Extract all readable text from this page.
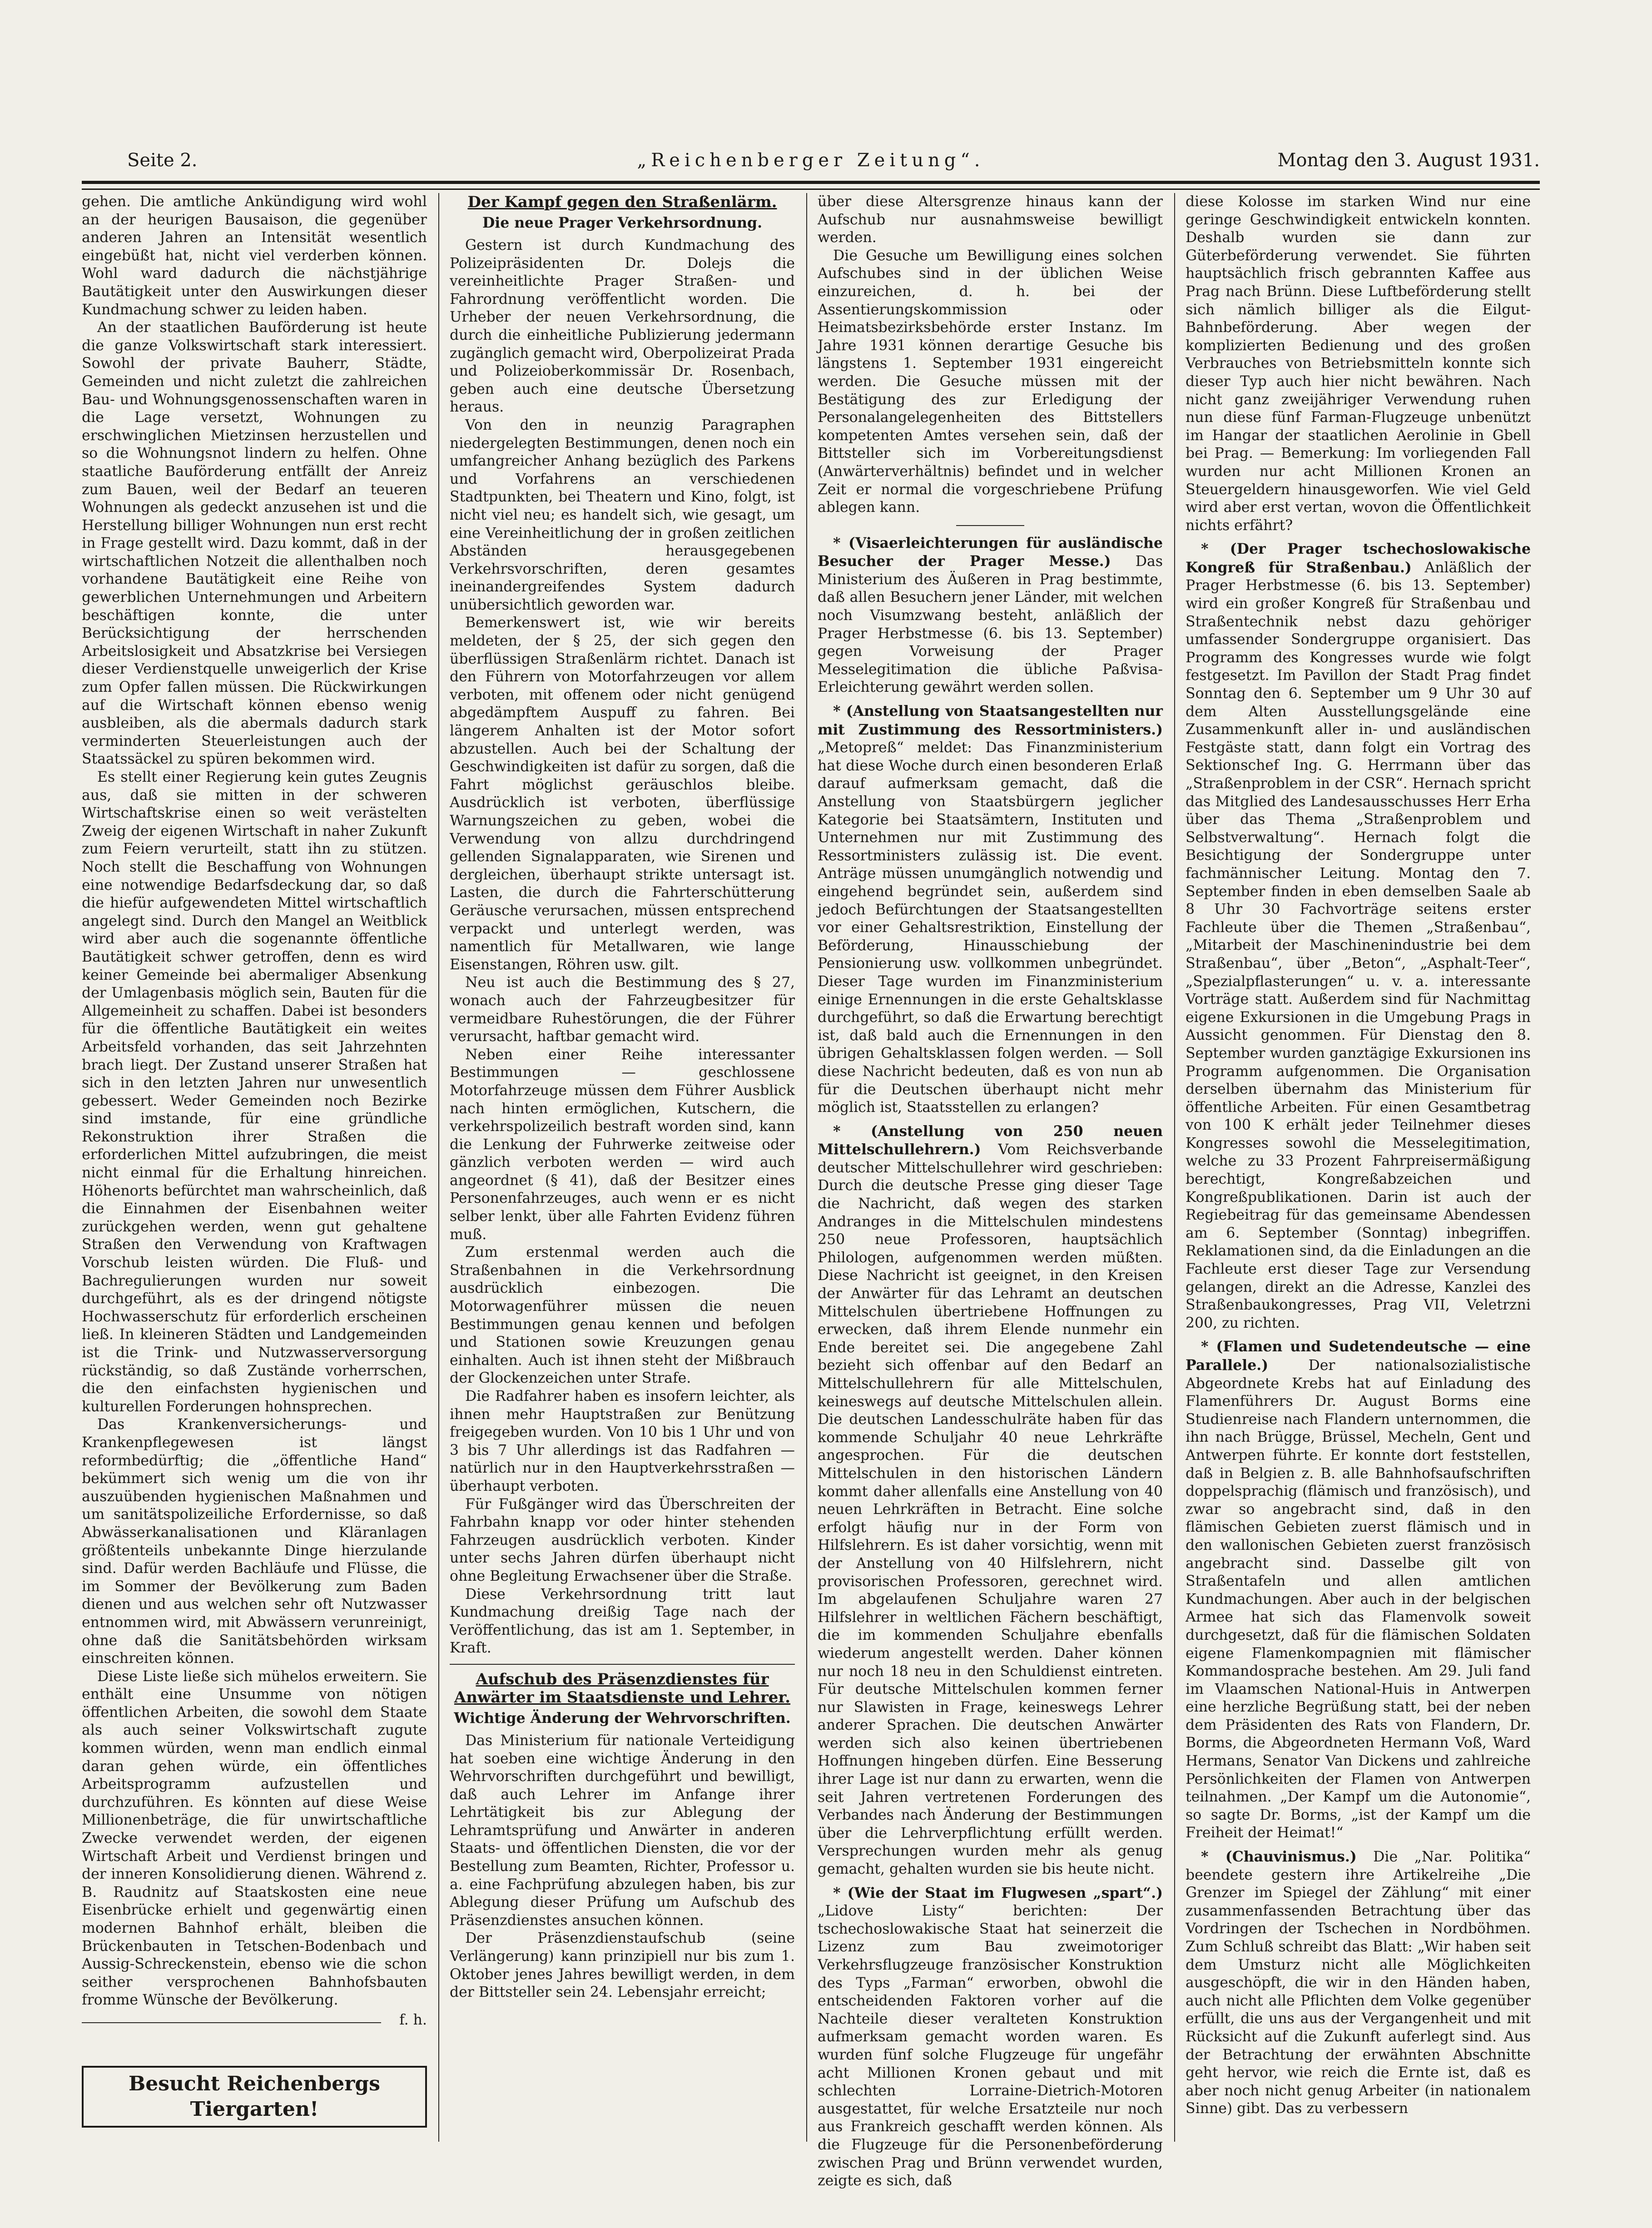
Seite 2.	„Reichenberger Zeitung“.	Montag den 3. August 1931.

gehen. Die amtliche Ankündigung wird wohl an der heurigen Bausaison, die gegenüber anderen Jahren an Intensität wesentlich eingebüßt hat, nicht viel verderben können. Wohl ward dadurch die nächstjährige Bautätigkeit unter den Auswirkungen dieser Kundmachung schwer zu leiden haben.

An der staatlichen Bauförderung ist heute die ganze Volkswirtschaft stark interessiert. Sowohl der private Bauherr, Städte, Gemeinden und nicht zuletzt die zahlreichen Bau- und Wohnungsgenossenschaften waren in die Lage versetzt, Wohnungen zu erschwinglichen Mietzinsen herzustellen und so die Wohnungsnot lindern zu helfen. Ohne staatliche Bauförderung entfällt der Anreiz zum Bauen, weil der Bedarf an teueren Wohnungen als gedeckt anzusehen ist und die Herstellung billiger Wohnungen nun erst recht in Frage gestellt wird. Dazu kommt, daß in der wirtschaftlichen Notzeit die allenthalben noch vorhandene Bautätigkeit eine Reihe von gewerblichen Unternehmungen und Arbeitern beschäftigen konnte, die unter Berücksichtigung der herrschenden Arbeitslosigkeit und Absatzkrise bei Versiegen dieser Verdienstquelle unweigerlich der Krise zum Opfer fallen müssen. Die Rückwirkungen auf die Wirtschaft können ebenso wenig ausbleiben, als die abermals dadurch stark verminderten Steuerleistungen auch der Staatssäckel zu spüren bekommen wird.

Es stellt einer Regierung kein gutes Zeugnis aus, daß sie mitten in der schweren Wirtschaftskrise einen so weit verästelten Zweig der eigenen Wirtschaft in naher Zukunft zum Feiern verurteilt, statt ihn zu stützen. Noch stellt die Beschaffung von Wohnungen eine notwendige Bedarfsdeckung dar, so daß die hiefür aufgewendeten Mittel wirtschaftlich angelegt sind. Durch den Mangel an Weitblick wird aber auch die sogenannte öffentliche Bautätigkeit schwer getroffen, denn es wird keiner Gemeinde bei abermaliger Absenkung der Umlagenbasis möglich sein, Bauten für die Allgemeinheit zu schaffen. Dabei ist besonders für die öffentliche Bautätigkeit ein weites Arbeitsfeld vorhanden, das seit Jahrzehnten brach liegt. Der Zustand unserer Straßen hat sich in den letzten Jahren nur unwesentlich gebessert. Weder Gemeinden noch Bezirke sind imstande, für eine gründliche Rekonstruktion ihrer Straßen die erforderlichen Mittel aufzubringen, die meist nicht einmal für die Erhaltung hinreichen. Höhenorts befürchtet man wahrscheinlich, daß die Einnahmen der Eisenbahnen weiter zurückgehen werden, wenn gut gehaltene Straßen den Verwendung von Kraftwagen Vorschub leisten würden. Die Fluß- und Bachregulierungen wurden nur soweit durchgeführt, als es der dringend nötigste Hochwasserschutz für erforderlich erscheinen ließ. In kleineren Städten und Landgemeinden ist die Trink- und Nutzwasserversorgung rückständig, so daß Zustände vorherrschen, die den einfachsten hygienischen und kulturellen Forderungen hohnsprechen.

Das Krankenversicherungs- und Krankenpflegewesen ist längst reformbedürftig; die „öffentliche Hand“ bekümmert sich wenig um die von ihr auszuübenden hygienischen Maßnahmen und um sanitätspolizeiliche Erfordernisse, so daß Abwässerkanalisationen und Kläranlagen größtenteils unbekannte Dinge hierzulande sind. Dafür werden Bachläufe und Flüsse, die im Sommer der Bevölkerung zum Baden dienen und aus welchen sehr oft Nutzwasser entnommen wird, mit Abwässern verunreinigt, ohne daß die Sanitätsbehörden wirksam einschreiten können.

Diese Liste ließe sich mühelos erweitern. Sie enthält eine Unsumme von nötigen öffentlichen Arbeiten, die sowohl dem Staate als auch seiner Volkswirtschaft zugute kommen würden, wenn man endlich einmal daran gehen würde, ein öffentliches Arbeitsprogramm aufzustellen und durchzuführen. Es könnten auf diese Weise Millionenbeträge, die für unwirtschaftliche Zwecke verwendet werden, der eigenen Wirtschaft Arbeit und Verdienst bringen und der inneren Konsolidierung dienen. Während z. B. Raudnitz auf Staatskosten eine neue Eisenbrücke erhielt und gegenwärtig einen modernen Bahnhof erhält, bleiben die Brückenbauten in Tetschen-Bodenbach und Aussig-Schreckenstein, ebenso wie die schon seither versprochenen Bahnhofsbauten fromme Wünsche der Bevölkerung.

f. h.
Besucht Reichenbergs Tiergarten!
Der Kampf gegen den Straßenlärm.
Die neue Prager Verkehrsordnung.

Gestern ist durch Kundmachung des Polizeipräsidenten Dr. Dolejs die vereinheitlichte Prager Straßen- und Fahrordnung veröffentlicht worden. Die Urheber der neuen Verkehrsordnung, die durch die einheitliche Publizierung jedermann zugänglich gemacht wird, Oberpolizeirat Prada und Polizeioberkommissär Dr. Rosenbach, geben auch eine deutsche Übersetzung heraus.

Von den in neunzig Paragraphen niedergelegten Bestimmungen, denen noch ein umfangreicher Anhang bezüglich des Parkens und Vorfahrens an verschiedenen Stadtpunkten, bei Theatern und Kino, folgt, ist nicht viel neu; es handelt sich, wie gesagt, um eine Vereinheitlichung der in großen zeitlichen Abständen herausgegebenen Verkehrsvorschriften, deren gesamtes ineinandergreifendes System dadurch unübersichtlich geworden war.

Bemerkenswert ist, wie wir bereits meldeten, der § 25, der sich gegen den überflüssigen Straßenlärm richtet. Danach ist den Führern von Motorfahrzeugen vor allem verboten, mit offenem oder nicht genügend abgedämpftem Auspuff zu fahren. Bei längerem Anhalten ist der Motor sofort abzustellen. Auch bei der Schaltung der Geschwindigkeiten ist dafür zu sorgen, daß die Fahrt möglichst geräuschlos bleibe. Ausdrücklich ist verboten, überflüssige Warnungszeichen zu geben, wobei die Verwendung von allzu durchdringend gellenden Signalapparaten, wie Sirenen und dergleichen, überhaupt strikte untersagt ist. Lasten, die durch die Fahrterschütterung Geräusche verursachen, müssen entsprechend verpackt und unterlegt werden, was namentlich für Metallwaren, wie lange Eisenstangen, Röhren usw. gilt.

Neu ist auch die Bestimmung des § 27, wonach auch der Fahrzeugbesitzer für vermeidbare Ruhestörungen, die der Führer verursacht, haftbar gemacht wird.

Neben einer Reihe interessanter Bestimmungen — geschlossene Motorfahrzeuge müssen dem Führer Ausblick nach hinten ermöglichen, Kutschern, die verkehrspolizeilich bestraft worden sind, kann die Lenkung der Fuhrwerke zeitweise oder gänzlich verboten werden — wird auch angeordnet (§ 41), daß der Besitzer eines Personenfahrzeuges, auch wenn er es nicht selber lenkt, über alle Fahrten Evidenz führen muß.

Zum erstenmal werden auch die Straßenbahnen in die Verkehrsordnung ausdrücklich einbezogen. Die Motorwagenführer müssen die neuen Bestimmungen genau kennen und befolgen und Stationen sowie Kreuzungen genau einhalten. Auch ist ihnen steht der Mißbrauch der Glockenzeichen unter Strafe.

Die Radfahrer haben es insofern leichter, als ihnen mehr Hauptstraßen zur Benützung freigegeben wurden. Von 10 bis 1 Uhr und von 3 bis 7 Uhr allerdings ist das Radfahren — natürlich nur in den Hauptverkehrsstraßen — überhaupt verboten.

Für Fußgänger wird das Überschreiten der Fahrbahn knapp vor oder hinter stehenden Fahrzeugen ausdrücklich verboten. Kinder unter sechs Jahren dürfen überhaupt nicht ohne Begleitung Erwachsener über die Straße.

Diese Verkehrsordnung tritt laut Kundmachung dreißig Tage nach der Veröffentlichung, das ist am 1. September, in Kraft.

Aufschub des Präsenzdienstes für Anwärter im Staatsdienste und Lehrer.
Wichtige Änderung der Wehrvorschriften.

Das Ministerium für nationale Verteidigung hat soeben eine wichtige Änderung in den Wehrvorschriften durchgeführt und bewilligt, daß auch Lehrer im Anfange ihrer Lehrtätigkeit bis zur Ablegung der Lehramtsprüfung und Anwärter in anderen Staats- und öffentlichen Diensten, die vor der Bestellung zum Beamten, Richter, Professor u. a. eine Fachprüfung abzulegen haben, bis zur Ablegung dieser Prüfung um Aufschub des Präsenzdienstes ansuchen können.

Der Präsenzdienstaufschub (seine Verlängerung) kann prinzipiell nur bis zum 1. Oktober jenes Jahres bewilligt werden, in dem der Bittsteller sein 24. Lebensjahr erreicht;

über diese Altersgrenze hinaus kann der Aufschub nur ausnahmsweise bewilligt werden.

Die Gesuche um Bewilligung eines solchen Aufschubes sind in der üblichen Weise einzureichen, d. h. bei der Assentierungskommission oder Heimatsbezirksbehörde erster Instanz. Im Jahre 1931 können derartige Gesuche bis längstens 1. September 1931 eingereicht werden. Die Gesuche müssen mit der Bestätigung des zur Erledigung der Personalangelegenheiten des Bittstellers kompetenten Amtes versehen sein, daß der Bittsteller sich im Vorbereitungsdienst (Anwärterverhältnis) befindet und in welcher Zeit er normal die vorgeschriebene Prüfung ablegen kann.

* (Visaerleichterungen für ausländische Besucher der Prager Messe.) Das Ministerium des Äußeren in Prag bestimmte, daß allen Besuchern jener Länder, mit welchen noch Visumzwang besteht, anläßlich der Prager Herbstmesse (6. bis 13. September) gegen Vorweisung der Prager Messelegitimation die übliche Paßvisa-Erleichterung gewährt werden sollen.

* (Anstellung von Staatsangestellten nur mit Zustimmung des Ressortministers.) „Metopreß“ meldet: Das Finanzministerium hat diese Woche durch einen besonderen Erlaß darauf aufmerksam gemacht, daß die Anstellung von Staatsbürgern jeglicher Kategorie bei Staatsämtern, Instituten und Unternehmen nur mit Zustimmung des Ressortministers zulässig ist. Die event. Anträge müssen unumgänglich notwendig und eingehend begründet sein, außerdem sind jedoch Befürchtungen der Staatsangestellten vor einer Gehaltsrestriktion, Einstellung der Beförderung, Hinausschiebung der Pensionierung usw. vollkommen unbegründet. Dieser Tage wurden im Finanzministerium einige Ernennungen in die erste Gehaltsklasse durchgeführt, so daß die Erwartung berechtigt ist, daß bald auch die Ernennungen in den übrigen Gehaltsklassen folgen werden. — Soll diese Nachricht bedeuten, daß es von nun ab für die Deutschen überhaupt nicht mehr möglich ist, Staatsstellen zu erlangen?

* (Anstellung von 250 neuen Mittelschullehrern.) Vom Reichsverbande deutscher Mittelschullehrer wird geschrieben: Durch die deutsche Presse ging dieser Tage die Nachricht, daß wegen des starken Andranges in die Mittelschulen mindestens 250 neue Professoren, hauptsächlich Philologen, aufgenommen werden müßten. Diese Nachricht ist geeignet, in den Kreisen der Anwärter für das Lehramt an deutschen Mittelschulen übertriebene Hoffnungen zu erwecken, daß ihrem Elende nunmehr ein Ende bereitet sei. Die angegebene Zahl bezieht sich offenbar auf den Bedarf an Mittelschullehrern für alle Mittelschulen, keineswegs auf deutsche Mittelschulen allein. Die deutschen Landesschulräte haben für das kommende Schuljahr 40 neue Lehrkräfte angesprochen. Für die deutschen Mittelschulen in den historischen Ländern kommt daher allenfalls eine Anstellung von 40 neuen Lehrkräften in Betracht. Eine solche erfolgt häufig nur in der Form von Hilfslehrern. Es ist daher vorsichtig, wenn mit der Anstellung von 40 Hilfslehrern, nicht provisorischen Professoren, gerechnet wird. Im abgelaufenen Schuljahre waren 27 Hilfslehrer in weltlichen Fächern beschäftigt, die im kommenden Schuljahre ebenfalls wiederum angestellt werden. Daher können nur noch 18 neu in den Schuldienst eintreten. Für deutsche Mittelschulen kommen ferner nur Slawisten in Frage, keineswegs Lehrer anderer Sprachen. Die deutschen Anwärter werden sich also keinen übertriebenen Hoffnungen hingeben dürfen. Eine Besserung ihrer Lage ist nur dann zu erwarten, wenn die seit Jahren vertretenen Forderungen des Verbandes nach Änderung der Bestimmungen über die Lehrverpflichtung erfüllt werden. Versprechungen wurden mehr als genug gemacht, gehalten wurden sie bis heute nicht.

* (Wie der Staat im Flugwesen „spart“.) „Lidove Listy“ berichten: Der tschechoslowakische Staat hat seinerzeit die Lizenz zum Bau zweimotoriger Verkehrsflugzeuge französischer Konstruktion des Typs „Farman“ erworben, obwohl die entscheidenden Faktoren vorher auf die Nachteile dieser veralteten Konstruktion aufmerksam gemacht worden waren. Es wurden fünf solche Flugzeuge für ungefähr acht Millionen Kronen gebaut und mit schlechten Lorraine-Dietrich-Motoren ausgestattet, für welche Ersatzteile nur noch aus Frankreich geschafft werden können. Als die Flugzeuge für die Personenbeförderung zwischen Prag und Brünn verwendet wurden, zeigte es sich, daß

diese Kolosse im starken Wind nur eine geringe Geschwindigkeit entwickeln konnten. Deshalb wurden sie dann zur Güterbeförderung verwendet. Sie führten hauptsächlich frisch gebrannten Kaffee aus Prag nach Brünn. Diese Luftbeförderung stellt sich nämlich billiger als die Eilgut-Bahnbeförderung. Aber wegen der komplizierten Bedienung und des großen Verbrauches von Betriebsmitteln konnte sich dieser Typ auch hier nicht bewähren. Nach nicht ganz zweijähriger Verwendung ruhen nun diese fünf Farman-Flugzeuge unbenützt im Hangar der staatlichen Aerolinie in Gbell bei Prag. — Bemerkung: Im vorliegenden Fall wurden nur acht Millionen Kronen an Steuergeldern hinausgeworfen. Wie viel Geld wird aber erst vertan, wovon die Öffentlichkeit nichts erfährt?

* (Der Prager tschechoslowakische Kongreß für Straßenbau.) Anläßlich der Prager Herbstmesse (6. bis 13. September) wird ein großer Kongreß für Straßenbau und Straßentechnik nebst dazu gehöriger umfassender Sondergruppe organisiert. Das Programm des Kongresses wurde wie folgt festgesetzt. Im Pavillon der Stadt Prag findet Sonntag den 6. September um 9 Uhr 30 auf dem Alten Ausstellungsgelände eine Zusammenkunft aller in- und ausländischen Festgäste statt, dann folgt ein Vortrag des Sektionschef Ing. G. Herrmann über das „Straßenproblem in der CSR“. Hernach spricht das Mitglied des Landesausschusses Herr Erha über das Thema „Straßenproblem und Selbstverwaltung“. Hernach folgt die Besichtigung der Sondergruppe unter fachmännischer Leitung. Montag den 7. September finden in eben demselben Saale ab 8 Uhr 30 Fachvorträge seitens erster Fachleute über die Themen „Straßenbau“, „Mitarbeit der Maschinenindustrie bei dem Straßenbau“, über „Beton“, „Asphalt-Teer“, „Spezialpflasterungen“ u. v. a. interessante Vorträge statt. Außerdem sind für Nachmittag eigene Exkursionen in die Umgebung Prags in Aussicht genommen. Für Dienstag den 8. September wurden ganztägige Exkursionen ins Programm aufgenommen. Die Organisation derselben übernahm das Ministerium für öffentliche Arbeiten. Für einen Gesamtbetrag von 100 K erhält jeder Teilnehmer dieses Kongresses sowohl die Messelegitimation, welche zu 33 Prozent Fahrpreisermäßigung berechtigt, Kongreßabzeichen und Kongreßpublikationen. Darin ist auch der Regiebeitrag für das gemeinsame Abendessen am 6. September (Sonntag) inbegriffen. Reklamationen sind, da die Einladungen an die Fachleute erst dieser Tage zur Versendung gelangen, direkt an die Adresse, Kanzlei des Straßenbaukongresses, Prag VII, Veletrzni 200, zu richten.

* (Flamen und Sudetendeutsche — eine Parallele.)	Der nationalsozialistische Abgeordnete Krebs hat auf Einladung des Flamenführers Dr. August Borms eine Studienreise nach Flandern unternommen, die ihn nach Brügge, Brüssel, Mecheln, Gent und Antwerpen führte. Er konnte dort feststellen, daß in Belgien z. B. alle Bahnhofsaufschriften doppelsprachig (flämisch und französisch), und zwar so angebracht sind, daß in den flämischen Gebieten zuerst flämisch und in den wallonischen Gebieten zuerst französisch angebracht sind. Dasselbe gilt von Straßentafeln und allen amtlichen Kundmachungen. Aber auch in der belgischen Armee hat sich das Flamenvolk soweit durchgesetzt, daß für die flämischen Soldaten eigene Flamenkompagnien mit flämischer Kommandosprache bestehen. Am 29. Juli fand im Vlaamschen National-Huis in Antwerpen eine herzliche Begrüßung statt, bei der neben dem Präsidenten des Rats von Flandern, Dr. Borms, die Abgeordneten Hermann Voß, Ward Hermans, Senator Van Dickens und zahlreiche Persönlichkeiten der Flamen von Antwerpen teilnahmen. „Der Kampf um die Autonomie“, so sagte Dr. Borms, „ist der Kampf um die Freiheit der Heimat!“

* (Chauvinismus.) Die „Nar. Politika“ beendete gestern ihre Artikelreihe „Die Grenzer im Spiegel der Zählung“ mit einer zusammenfassenden Betrachtung über das Vordringen der Tschechen in Nordböhmen. Zum Schluß schreibt das Blatt: „Wir haben seit dem Umsturz nicht alle Möglichkeiten ausgeschöpft, die wir in den Händen haben, auch nicht alle Pflichten dem Volke gegenüber erfüllt, die uns aus der Vergangenheit und mit Rücksicht auf die Zukunft auferlegt sind. Aus der Betrachtung der erwähnten Abschnitte geht hervor, wie reich die Ernte ist, daß es aber noch nicht genug Arbeiter (in nationalem Sinne) gibt. Das zu verbessern
